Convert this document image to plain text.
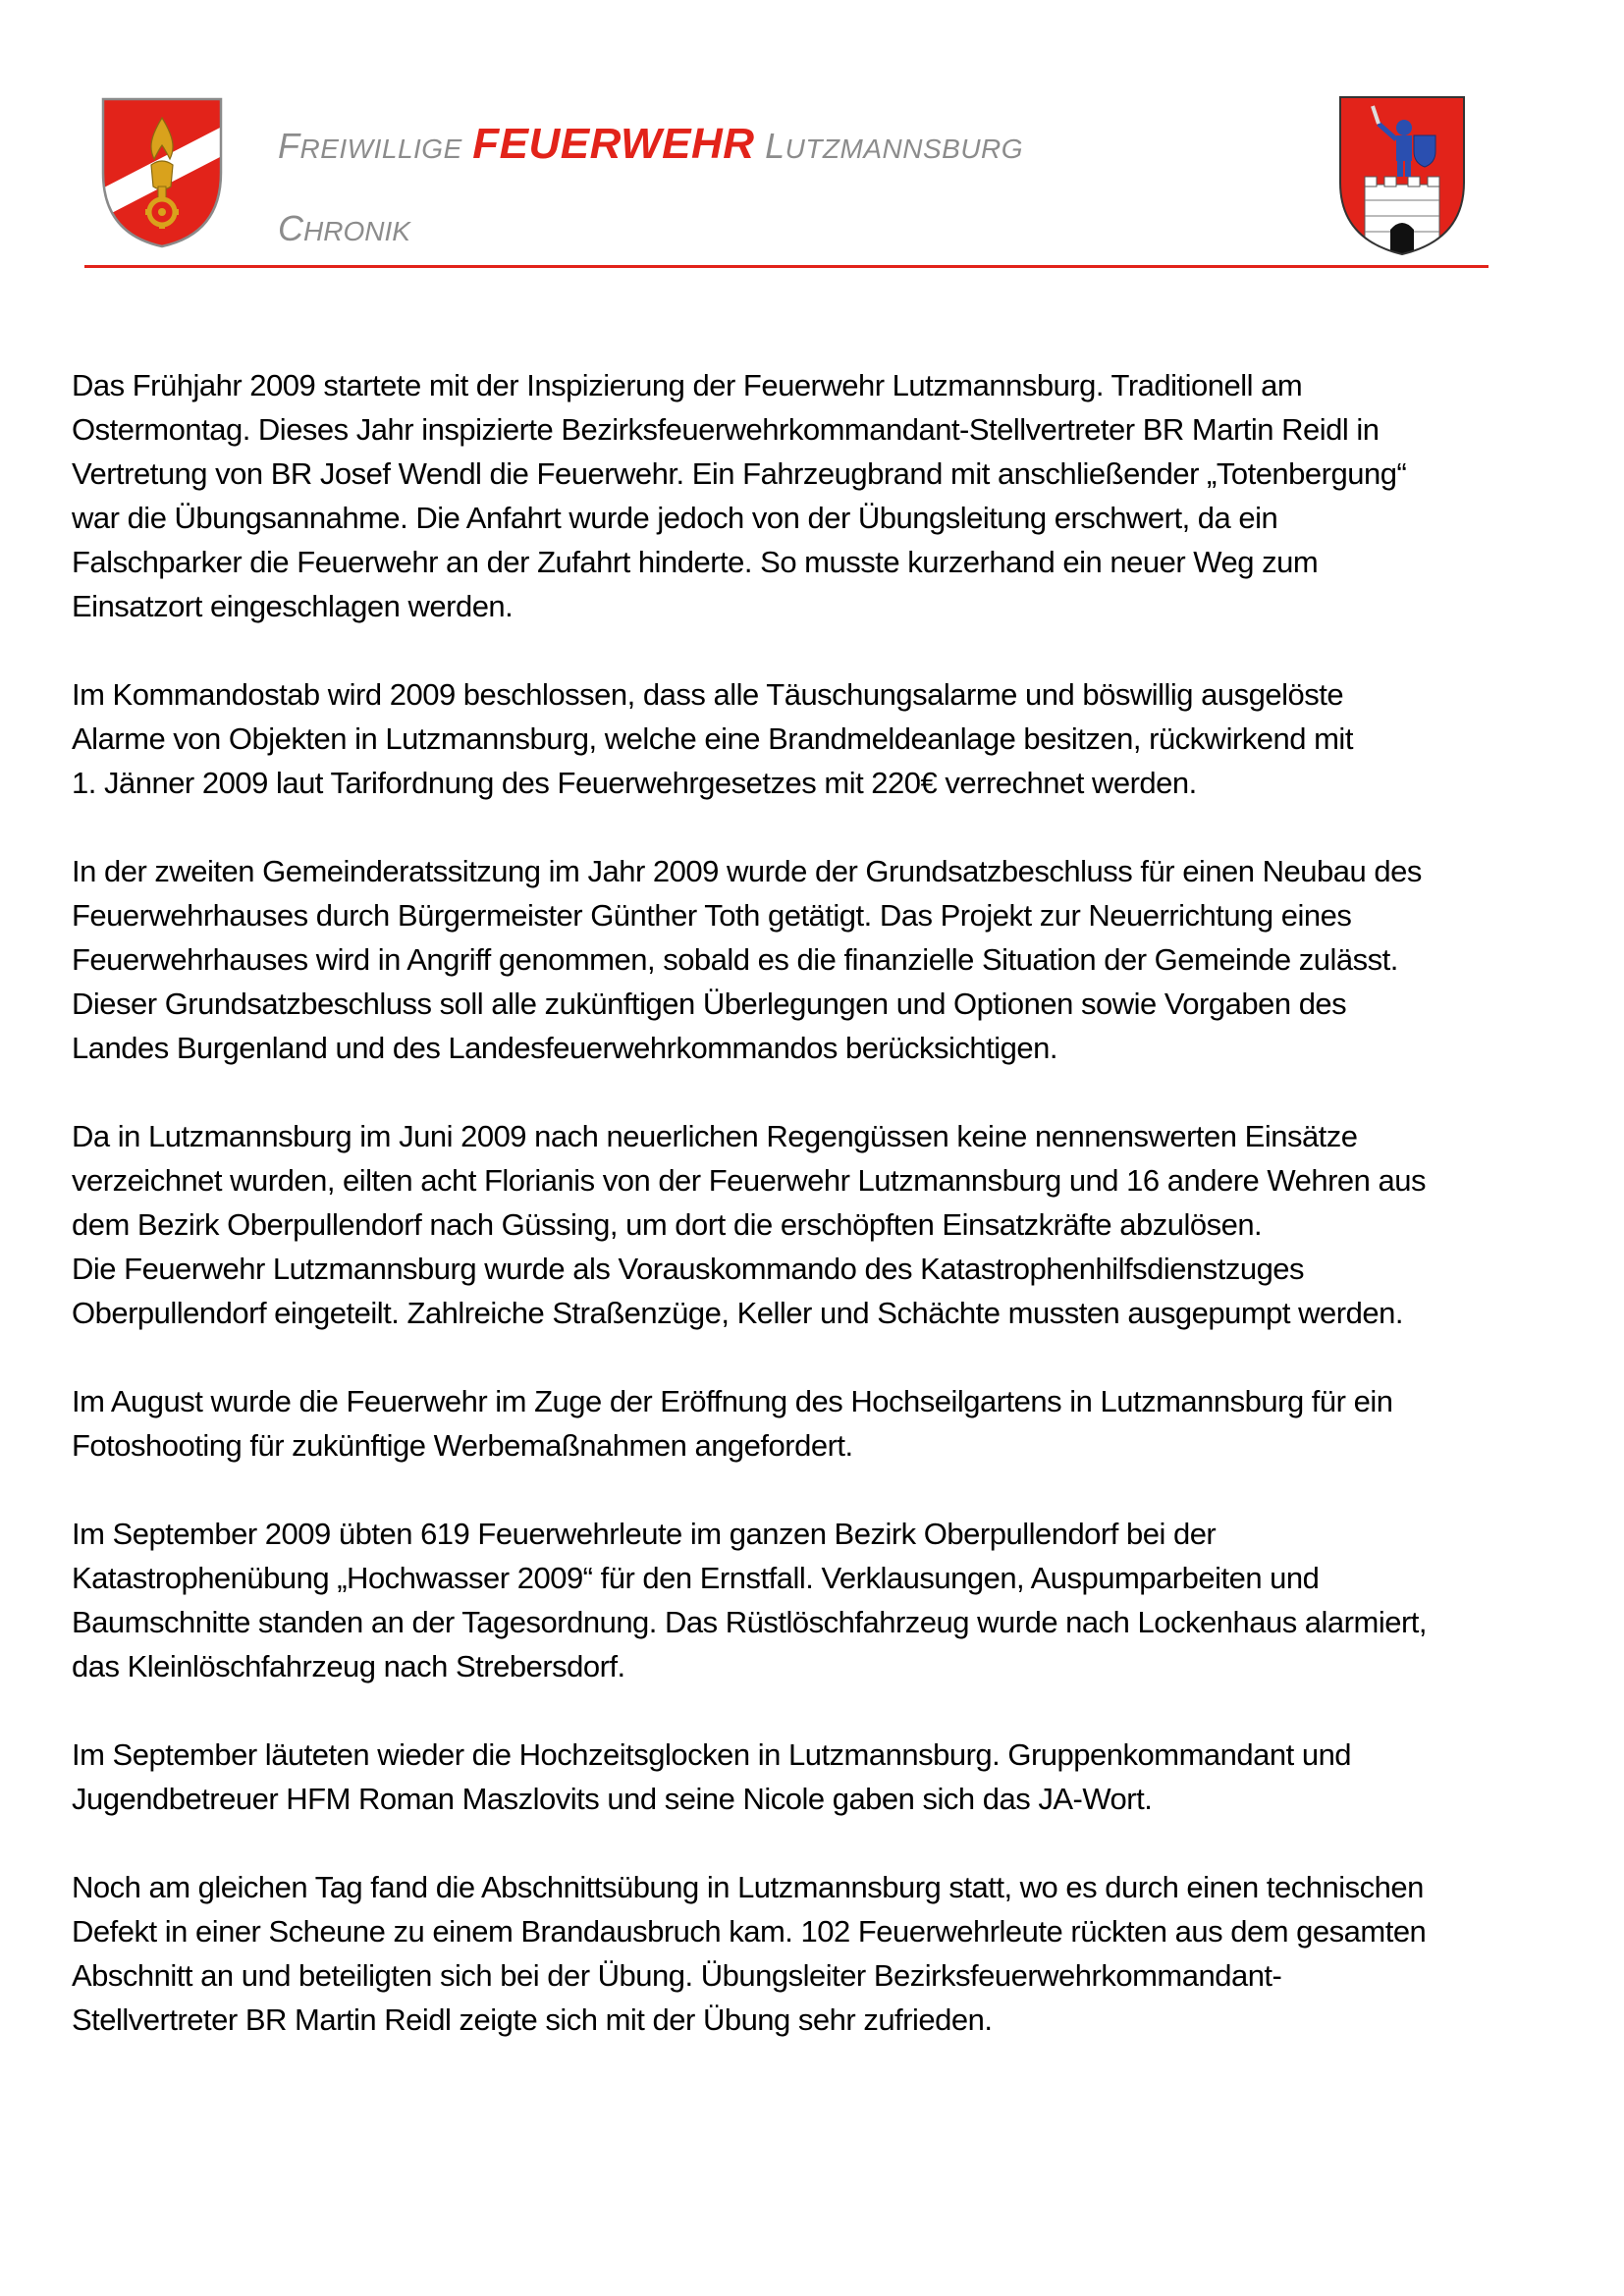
FREIWILLIGE FEUERWEHR LUTZMANNSBURG
CHRONIK

Das Frühjahr 2009 startete mit der Inspizierung der Feuerwehr Lutzmannsburg. Traditionell am
Ostermontag. Dieses Jahr inspizierte Bezirksfeuerwehrkommandant-Stellvertreter BR Martin Reidl in
Vertretung von BR Josef Wendl die Feuerwehr. Ein Fahrzeugbrand mit anschließender „Totenbergung“
war die Übungsannahme. Die Anfahrt wurde jedoch von der Übungsleitung erschwert, da ein
Falschparker die Feuerwehr an der Zufahrt hinderte. So musste kurzerhand ein neuer Weg zum
Einsatzort eingeschlagen werden.

Im Kommandostab wird 2009 beschlossen, dass alle Täuschungsalarme und böswillig ausgelöste
Alarme von Objekten in Lutzmannsburg, welche eine Brandmeldeanlage besitzen, rückwirkend mit
1. Jänner 2009 laut Tarifordnung des Feuerwehrgesetzes mit 220€ verrechnet werden.

In der zweiten Gemeinderatssitzung im Jahr 2009 wurde der Grundsatzbeschluss für einen Neubau des
Feuerwehrhauses durch Bürgermeister Günther Toth getätigt. Das Projekt zur Neuerrichtung eines
Feuerwehrhauses wird in Angriff genommen, sobald es die finanzielle Situation der Gemeinde zulässt.
Dieser Grundsatzbeschluss soll alle zukünftigen Überlegungen und Optionen sowie Vorgaben des
Landes Burgenland und des Landesfeuerwehrkommandos berücksichtigen.

Da in Lutzmannsburg im Juni 2009 nach neuerlichen Regengüssen keine nennenswerten Einsätze
verzeichnet wurden, eilten acht Florianis von der Feuerwehr Lutzmannsburg und 16 andere Wehren aus
dem Bezirk Oberpullendorf nach Güssing, um dort die erschöpften Einsatzkräfte abzulösen.
Die Feuerwehr Lutzmannsburg wurde als Vorauskommando des Katastrophenhilfsdienstzuges
Oberpullendorf eingeteilt. Zahlreiche Straßenzüge, Keller und Schächte mussten ausgepumpt werden.

Im August wurde die Feuerwehr im Zuge der Eröffnung des Hochseilgartens in Lutzmannsburg für ein
Fotoshooting für zukünftige Werbemaßnahmen angefordert.

Im September 2009 übten 619 Feuerwehrleute im ganzen Bezirk Oberpullendorf bei der
Katastrophenübung „Hochwasser 2009“ für den Ernstfall. Verklausungen, Auspumparbeiten und
Baumschnitte standen an der Tagesordnung. Das Rüstlöschfahrzeug wurde nach Lockenhaus alarmiert,
das Kleinlöschfahrzeug nach Strebersdorf.

Im September läuteten wieder die Hochzeitsglocken in Lutzmannsburg. Gruppenkommandant und
Jugendbetreuer HFM Roman Maszlovits und seine Nicole gaben sich das JA-Wort.

Noch am gleichen Tag fand die Abschnittsübung in Lutzmannsburg statt, wo es durch einen technischen
Defekt in einer Scheune zu einem Brandausbruch kam. 102 Feuerwehrleute rückten aus dem gesamten
Abschnitt an und beteiligten sich bei der Übung. Übungsleiter Bezirksfeuerwehrkommandant-
Stellvertreter BR Martin Reidl zeigte sich mit der Übung sehr zufrieden.
